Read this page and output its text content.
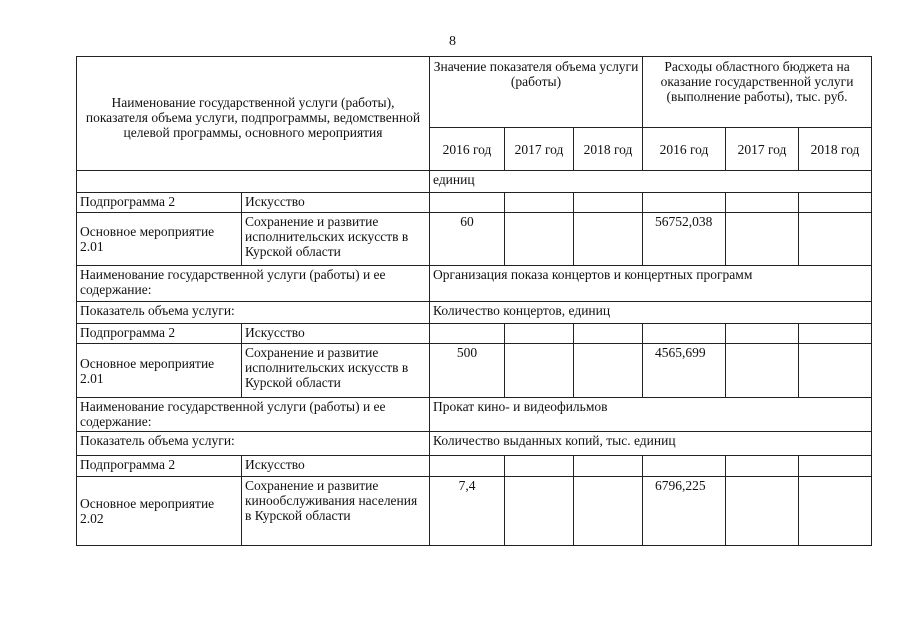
8
Наименование государственной услуги (работы), показателя объема услуги, подпрограммы, ведомственной целевой программы, основного мероприятия		Значение показателя объема услуги (работы)			Расходы областного бюджета на оказание государственной услуги (выполнение работы), тыс. руб.		
		2016 год	2017 год	2018 год	2016 год	2017 год	2018 год
		единиц					
Подпрограмма 2	Искусство						
Основное мероприятие 2.01	Сохранение и развитие исполнительских искусств в Курской области	60			56752,038		
Наименование государственной услуги (работы) и ее содержание:		Организация показа концертов и концертных программ					
Показатель объема услуги:		Количество концертов, единиц					
Подпрограмма 2	Искусство						
Основное мероприятие 2.01	Сохранение и развитие исполнительских искусств в Курской области	500			4565,699		
Наименование государственной услуги (работы) и ее содержание:		Прокат кино- и видеофильмов					
Показатель объема услуги:		Количество выданных копий, тыс. единиц					
Подпрограмма 2	Искусство						
Основное мероприятие 2.02	Сохранение и развитие кинообслуживания населения в Курской области	7,4			6796,225		
